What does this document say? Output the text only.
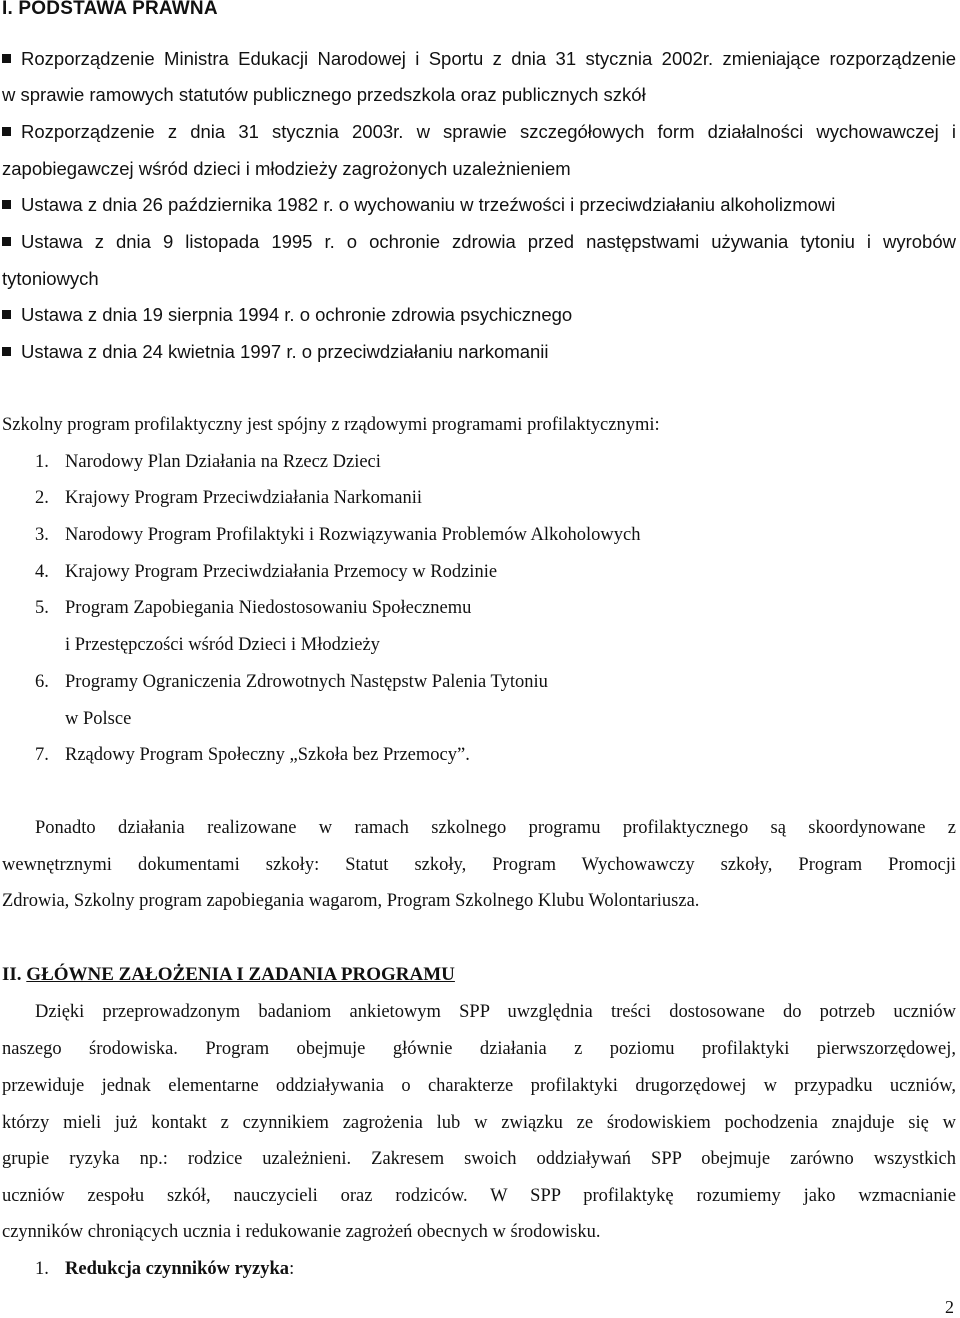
I. PODSTAWA PRAWNA
Rozporządzenie Ministra Edukacji Narodowej i Sportu z dnia 31 stycznia 2002r. zmieniające rozporządzenie
w sprawie ramowych statutów publicznego przedszkola oraz publicznych szkół
Rozporządzenie z dnia 31 stycznia 2003r. w sprawie szczegółowych form działalności wychowawczej i
zapobiegawczej wśród dzieci i młodzieży zagrożonych uzależnieniem
Ustawa z dnia 26 października 1982 r. o wychowaniu w trzeźwości i przeciwdziałaniu alkoholizmowi
Ustawa z dnia 9 listopada 1995 r. o ochronie zdrowia przed następstwami używania tytoniu i wyrobów
tytoniowych
Ustawa z dnia 19 sierpnia 1994 r. o ochronie zdrowia psychicznego
Ustawa z dnia 24 kwietnia 1997 r. o przeciwdziałaniu narkomanii
Szkolny program profilaktyczny jest spójny z rządowymi programami profilaktycznymi:
1. Narodowy Plan Działania na Rzecz Dzieci
2. Krajowy Program Przeciwdziałania Narkomanii
3. Narodowy Program Profilaktyki i Rozwiązywania Problemów Alkoholowych
4. Krajowy Program Przeciwdziałania Przemocy w Rodzinie
5. Program Zapobiegania Niedostosowaniu Społecznemu
i Przestępczości wśród Dzieci i Młodzieży
6. Programy Ograniczenia Zdrowotnych Następstw Palenia Tytoniu
w Polsce
7. Rządowy Program Społeczny „Szkoła bez Przemocy”.
Ponadto działania realizowane w ramach szkolnego programu profilaktycznego są skoordynowane z
wewnętrznymi dokumentami szkoły: Statut szkoły, Program Wychowawczy szkoły, Program Promocji
Zdrowia, Szkolny program zapobiegania wagarom, Program Szkolnego Klubu Wolontariusza.
II. GŁÓWNE ZAŁOŻENIA I ZADANIA PROGRAMU
Dzięki przeprowadzonym badaniom ankietowym SPP uwzględnia treści dostosowane do potrzeb uczniów
naszego środowiska. Program obejmuje głównie działania z poziomu profilaktyki pierwszorzędowej,
przewiduje jednak elementarne oddziaływania o charakterze profilaktyki drugorzędowej w przypadku uczniów,
którzy mieli już kontakt z czynnikiem zagrożenia lub w związku ze środowiskiem pochodzenia znajduje się w
grupie ryzyka np.: rodzice uzależnieni. Zakresem swoich oddziaływań SPP obejmuje zarówno wszystkich
uczniów zespołu szkół, nauczycieli oraz rodziców. W SPP profilaktykę rozumiemy jako wzmacnianie
czynników chroniących ucznia i redukowanie zagrożeń obecnych w środowisku.
1. Redukcja czynników ryzyka:
2
